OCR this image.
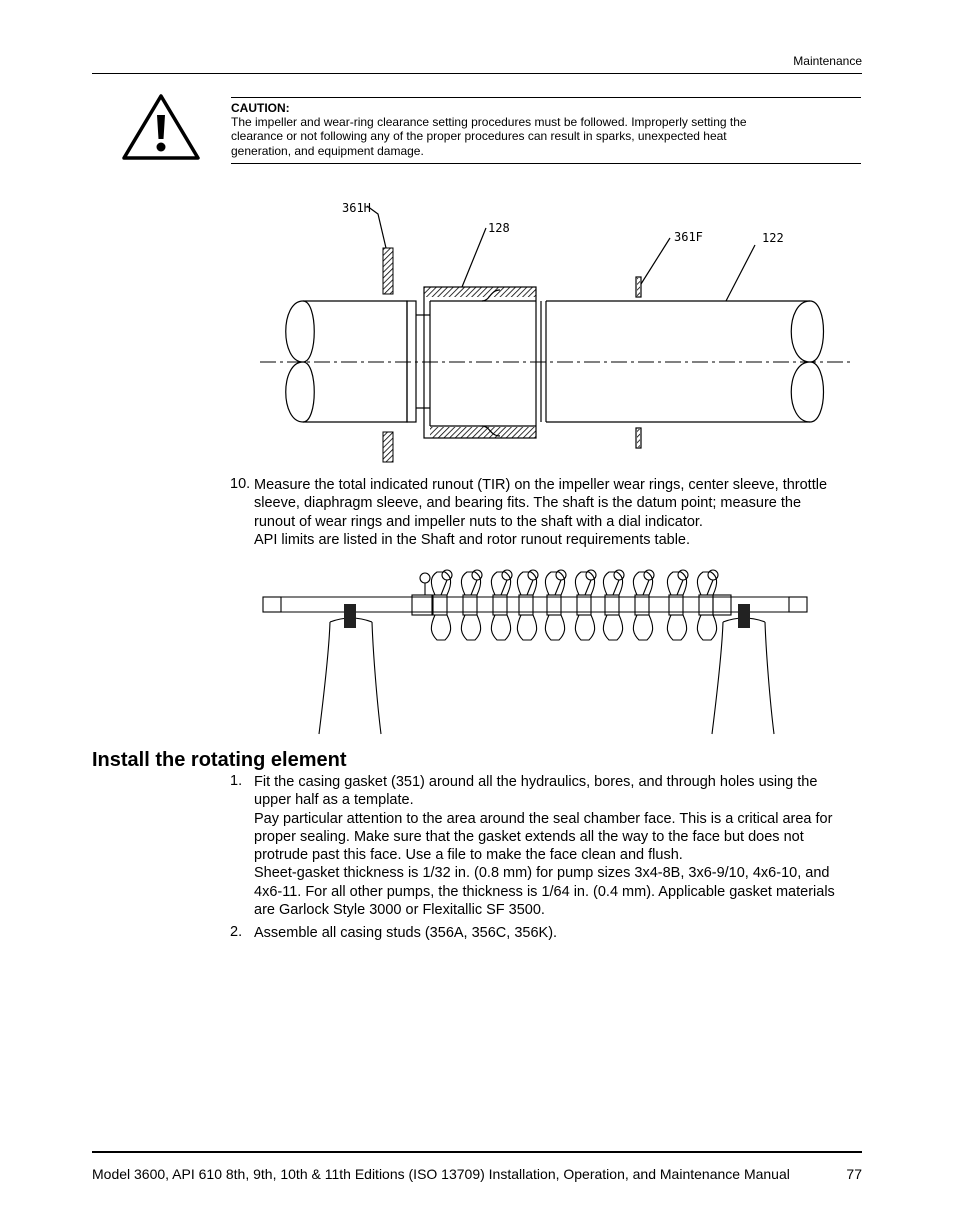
Maintenance
CAUTION:
The impeller and wear-ring clearance setting procedures must be followed. Improperly setting the
clearance or not following any of the proper procedures can result in sparks, unexpected heat
generation, and equipment damage.
361H
128
361F	122
10. Measure the total indicated runout (TIR) on the impeller wear rings, center sleeve, throttle
sleeve, diaphragm sleeve, and bearing fits. The shaft is the datum point; measure the
runout of wear rings and impeller nuts to the shaft with a dial indicator.
API limits are listed in the Shaft and rotor runout requirements table.
Install the rotating element
1. Fit the casing gasket (351) around all the hydraulics, bores, and through holes using the
upper half as a template.
Pay particular attention to the area around the seal chamber face. This is a critical area for
proper sealing. Make sure that the gasket extends all the way to the face but does not
protrude past this face. Use a file to make the face clean and flush.
Sheet-gasket thickness is 1/32 in. (0.8 mm) for pump sizes 3x4-8B, 3x6-9/10, 4x6-10, and
4x6-11. For all other pumps, the thickness is 1/64 in. (0.4 mm). Applicable gasket materials
are Garlock Style 3000 or Flexitallic SF 3500.
2. Assemble all casing studs (356A, 356C, 356K).
Model 3600, API 610 8th, 9th, 10th & 11th Editions (ISO 13709) Installation, Operation, and Maintenance Manual	77
